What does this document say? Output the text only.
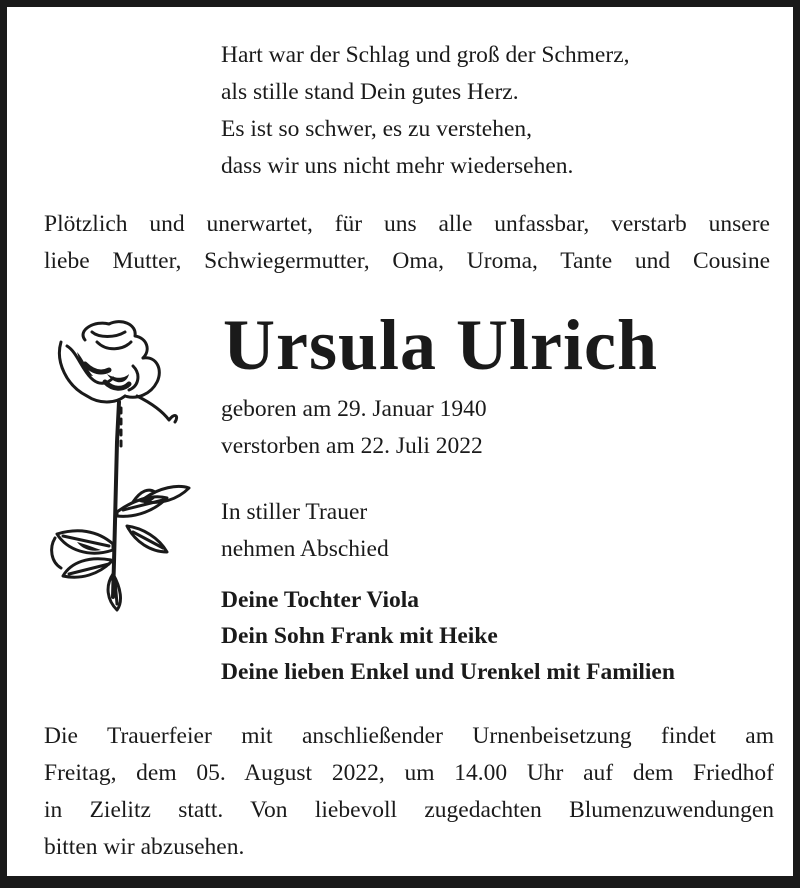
Hart war der Schlag und groß der Schmerz,
als stille stand Dein gutes Herz.
Es ist so schwer, es zu verstehen,
dass wir uns nicht mehr wiedersehen.
Plötzlich und unerwartet, für uns alle unfassbar, verstarb unsere
liebe Mutter, Schwiegermutter, Oma, Uroma, Tante und Cousine
Ursula Ulrich
geboren am 29. Januar 1940
verstorben am 22. Juli 2022
In stiller Trauer
nehmen Abschied
Deine Tochter Viola
Dein Sohn Frank mit Heike
Deine lieben Enkel und Urenkel mit Familien
Die Trauerfeier mit anschließender Urnenbeisetzung findet am
Freitag, dem 05. August 2022, um 14.00 Uhr auf dem Friedhof
in Zielitz statt. Von liebevoll zugedachten Blumenzuwendungen
bitten wir abzusehen.
